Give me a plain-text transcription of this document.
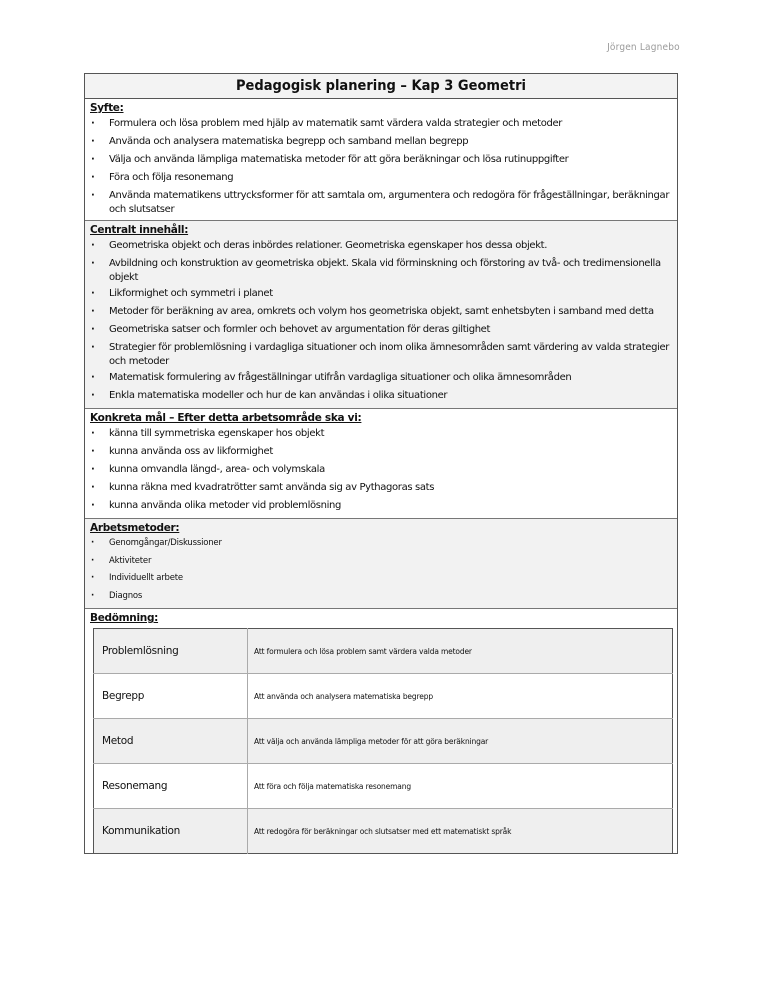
Jörgen Lagnebo
Pedagogisk planering – Kap 3 Geometri
Syfte:
· Formulera och lösa problem med hjälp av matematik samt värdera valda strategier och metoder
· Använda och analysera matematiska begrepp och samband mellan begrepp
· Välja och använda lämpliga matematiska metoder för att göra beräkningar och lösa rutinuppgifter
· Föra och följa resonemang
· Använda matematikens uttrycksformer för att samtala om, argumentera och redogöra för frågeställningar, beräkningar
och slutsatser
Centralt innehåll:
· Geometriska objekt och deras inbördes relationer. Geometriska egenskaper hos dessa objekt.
· Avbildning och konstruktion av geometriska objekt. Skala vid förminskning och förstoring av två- och tredimensionella
objekt
· Likformighet och symmetri i planet
· Metoder för beräkning av area, omkrets och volym hos geometriska objekt, samt enhetsbyten i samband med detta
· Geometriska satser och formler och behovet av argumentation för deras giltighet
· Strategier för problemlösning i vardagliga situationer och inom olika ämnesområden samt värdering av valda strategier
och metoder
· Matematisk formulering av frågeställningar utifrån vardagliga situationer och olika ämnesområden
· Enkla matematiska modeller och hur de kan användas i olika situationer
Konkreta mål – Efter detta arbetsområde ska vi:
· känna till symmetriska egenskaper hos objekt
· kunna använda oss av likformighet
· kunna omvandla längd-, area- och volymskala
· kunna räkna med kvadratrötter samt använda sig av Pythagoras sats
· kunna använda olika metoder vid problemlösning
Arbetsmetoder:
· Genomgångar/Diskussioner
· Aktiviteter
· Individuellt arbete
· Diagnos
Bedömning:
Problemlösning	Att formulera och lösa problem samt värdera valda metoder
Begrepp	Att använda och analysera matematiska begrepp
Metod	Att välja och använda lämpliga metoder för att göra beräkningar
Resonemang	Att föra och följa matematiska resonemang
Kommunikation	Att redogöra för beräkningar och slutsatser med ett matematiskt språk
